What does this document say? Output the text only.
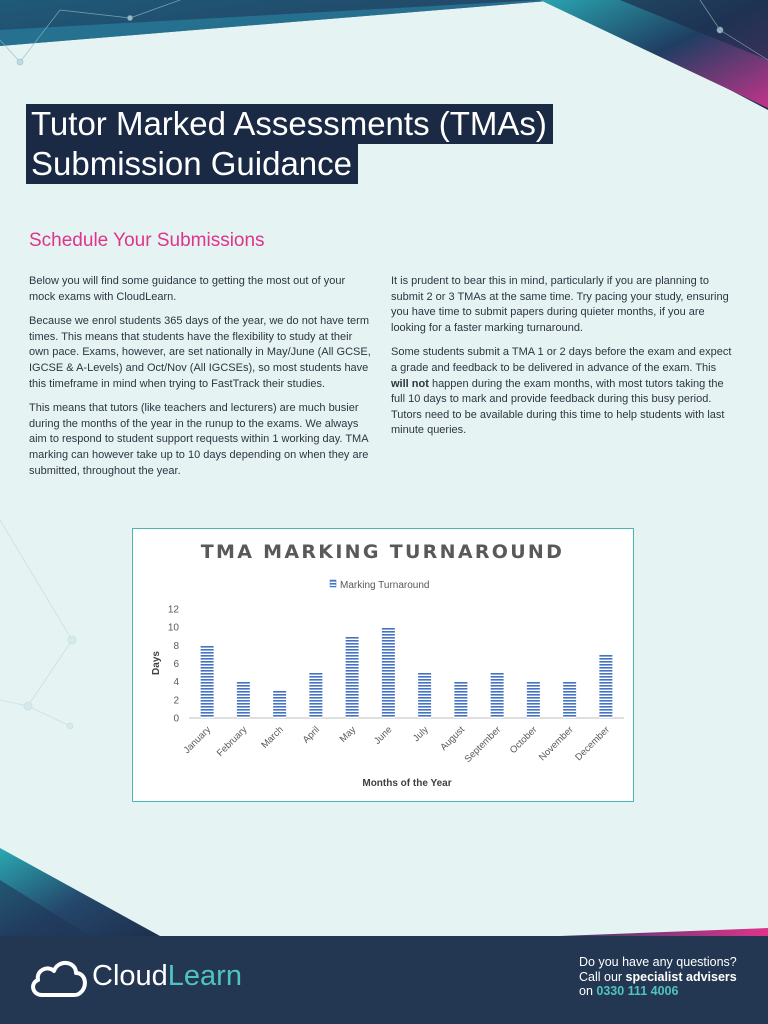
Tutor Marked Assessments (TMAs)
Submission Guidance
Schedule Your Submissions

Below you will find some guidance to getting the most out of your mock exams with CloudLearn.

Because we enrol students 365 days of the year, we do not have term times. This means that students have the flexibility to study at their own pace. Exams, however, are set nationally in May/June (All GCSE, IGCSE & A-Levels) and Oct/Nov (All IGCSEs), so most students have this timeframe in mind when trying to FastTrack their studies.

This means that tutors (like teachers and lecturers) are much busier during the months of the year in the runup to the exams. We always aim to respond to student support requests within 1 working day. TMA marking can however take up to 10 days depending on when they are submitted, throughout the year.

It is prudent to bear this in mind, particularly if you are planning to submit 2 or 3 TMAs at the same time. Try pacing your study, ensuring you have time to submit papers during quieter months, if you are looking for a faster marking turnaround.

Some students submit a TMA 1 or 2 days before the exam and expect a grade and feedback to be delivered in advance of the exam. This will not happen during the exam months, with most tutors taking the full 10 days to mark and provide feedback during this busy period. Tutors need to be available during this time to help students with last minute queries.

TMA MARKING TURNAROUND
Marking Turnaround
Days
Months of the Year
0
2
4
6
8
10
12
January February March April May June July August
September October
November
December
CloudLearn	Do you have any questions?
Call our specialist advisers
on 0330 111 4006
